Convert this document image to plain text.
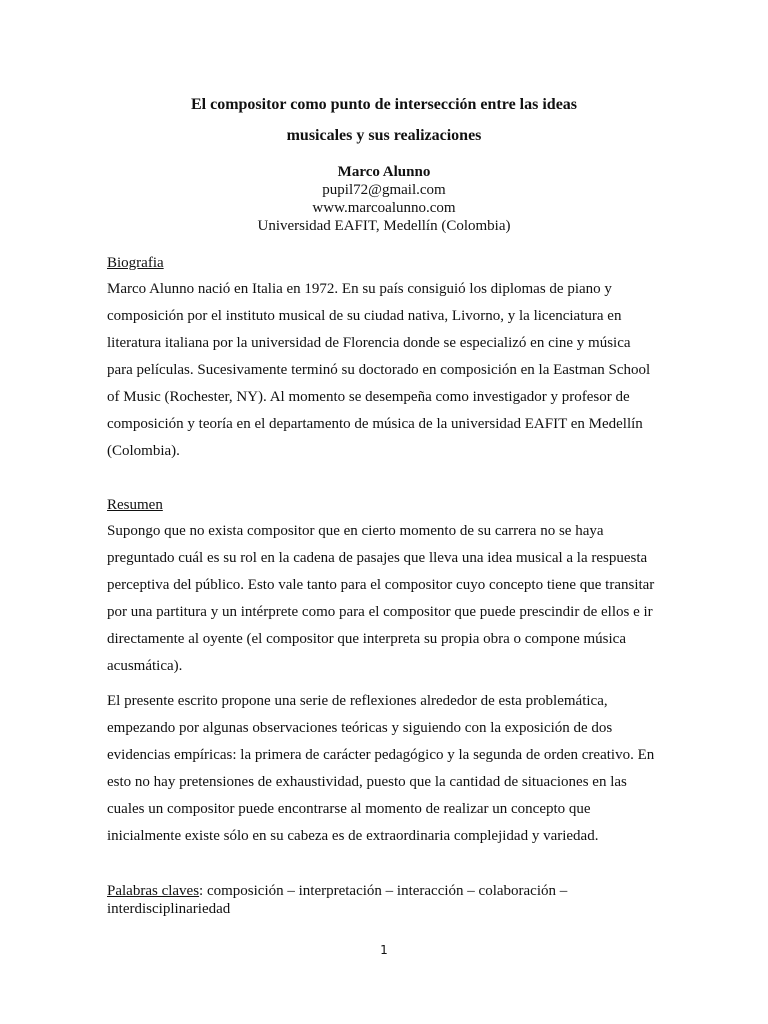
El compositor como punto de intersección entre las ideas
musicales y sus realizaciones
Marco Alunno
pupil72@gmail.com
www.marcoalunno.com
Universidad EAFIT, Medellín (Colombia)
Biografia

Marco Alunno nació en Italia en 1972. En su país consiguió los diplomas de piano y
composición por el instituto musical de su ciudad nativa, Livorno, y la licenciatura en
literatura italiana por la universidad de Florencia donde se especializó en cine y música
para películas. Sucesivamente terminó su doctorado en composición en la Eastman School
of Music (Rochester, NY). Al momento se desempeña como investigador y profesor de
composición y teoría en el departamento de música de la universidad EAFIT en Medellín
(Colombia).

Resumen

Supongo que no exista compositor que en cierto momento de su carrera no se haya
preguntado cuál es su rol en la cadena de pasajes que lleva una idea musical a la respuesta
perceptiva del público. Esto vale tanto para el compositor cuyo concepto tiene que transitar
por una partitura y un intérprete como para el compositor que puede prescindir de ellos e ir
directamente al oyente (el compositor que interpreta su propia obra o compone música
acusmática).

El presente escrito propone una serie de reflexiones alrededor de esta problemática,
empezando por algunas observaciones teóricas y siguiendo con la exposición de dos
evidencias empíricas: la primera de carácter pedagógico y la segunda de orden creativo. En
esto no hay pretensiones de exhaustividad, puesto que la cantidad de situaciones en las
cuales un compositor puede encontrarse al momento de realizar un concepto que
inicialmente existe sólo en su cabeza es de extraordinaria complejidad y variedad.

Palabras claves: composición – interpretación – interacción – colaboración –
interdisciplinariedad
1
